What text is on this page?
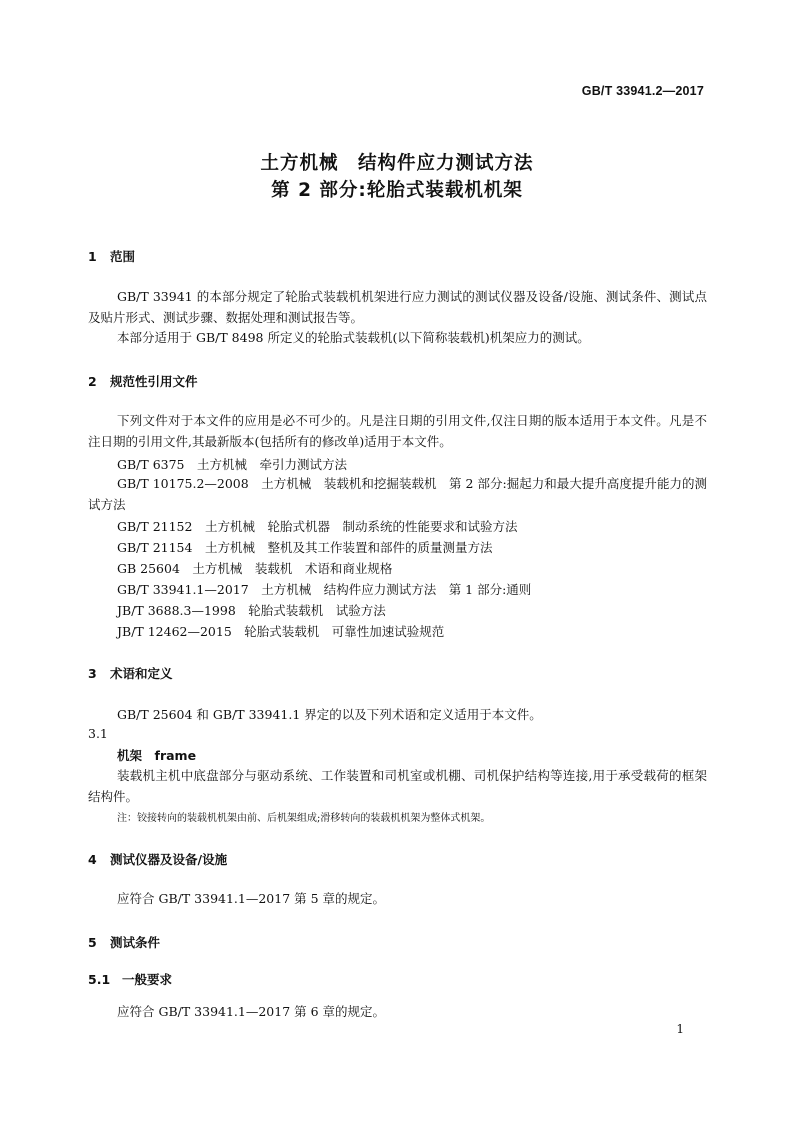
GB/T 33941.2—2017
土方机械　结构件应力测试方法
第 2 部分:轮胎式装载机机架
1 范围
GB/T 33941 的本部分规定了轮胎式装载机机架进行应力测试的测试仪器及设备/设施、测试条件、测试点及贴片形式、测试步骤、数据处理和测试报告等。
本部分适用于 GB/T 8498 所定义的轮胎式装载机(以下简称装载机)机架应力的测试。
2 规范性引用文件
下列文件对于本文件的应用是必不可少的。凡是注日期的引用文件,仅注日期的版本适用于本文件。凡是不注日期的引用文件,其最新版本(包括所有的修改单)适用于本文件。
GB/T 6375　土方机械　牵引力测试方法
GB/T 10175.2—2008　土方机械　装载机和挖掘装载机　第 2 部分:掘起力和最大提升高度提升能力的测试方法
GB/T 21152　土方机械　轮胎式机器　制动系统的性能要求和试验方法
GB/T 21154　土方机械　整机及其工作装置和部件的质量测量方法
GB 25604　土方机械　装载机　术语和商业规格
GB/T 33941.1—2017　土方机械　结构件应力测试方法　第 1 部分:通则
JB/T 3688.3—1998　轮胎式装载机　试验方法
JB/T 12462—2015　轮胎式装载机　可靠性加速试验规范
3 术语和定义
GB/T 25604 和 GB/T 33941.1 界定的以及下列术语和定义适用于本文件。
3.1
机架　frame
装载机主机中底盘部分与驱动系统、工作装置和司机室或机棚、司机保护结构等连接,用于承受载荷的框架结构件。
注：铰接转向的装载机机架由前、后机架组成;滑移转向的装载机机架为整体式机架。
4 测试仪器及设备/设施
应符合 GB/T 33941.1—2017 第 5 章的规定。
5 测试条件
5.1 一般要求
应符合 GB/T 33941.1—2017 第 6 章的规定。
1
